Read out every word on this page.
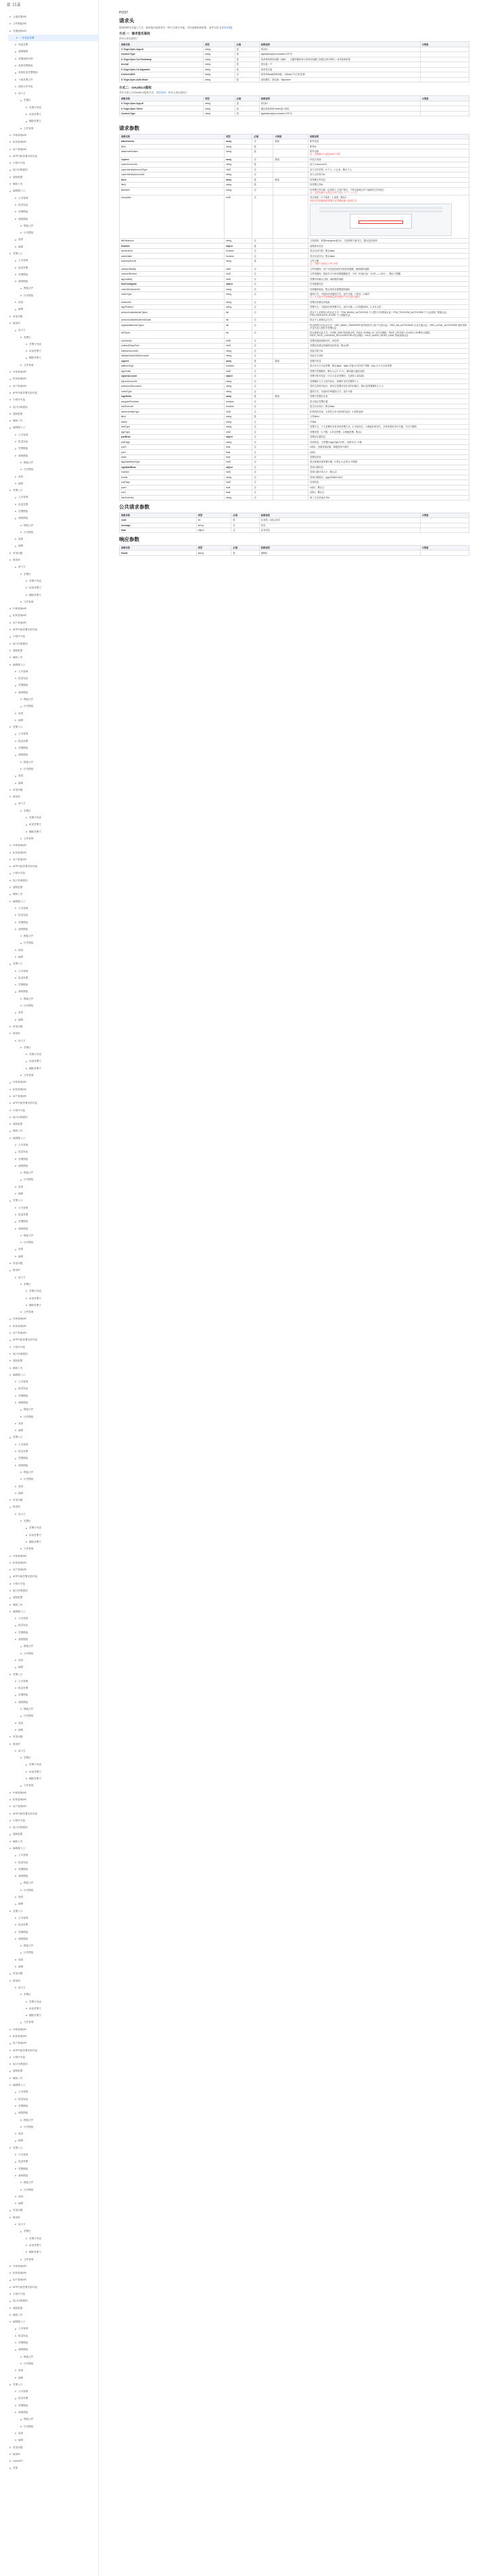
☰ 目录
云端签署API
文件模板API
签署流程API
一步发起签署
发起签署
流程撤销
签署流程详情
获取签署链接
获取批量签署链接
下载签署文件
流程文件列表
参与方
签署区
签署方列表
添加签署方
删除签署方
文件管理
印章管理API
机构管理API
用户管理API
APP内嵌签署页面对接
小程序对接
接口回调通知
通知配置
辅助工具
编辑器入口
文本管理
批量发起
签署模板
流程模板
模板文件
历史模板
查看
编辑
签署入口
文本管理
批量签署
签署模板
流程模板
模板文件
历史模板
查看
编辑
常见问题
错误码
参与方
签署区
签署方列表
添加签署方
删除签署方
文件管理
印章管理API
机构管理API
用户管理API
APP内嵌签署页面对接
小程序对接
接口回调通知
通知配置
辅助工具
编辑器入口
文本管理
批量发起
签署模板
流程模板
模板文件
历史模板
查看
编辑
签署入口
文本管理
批量签署
签署模板
流程模板
模板文件
历史模板
查看
编辑
常见问题
错误码
参与方
签署区
签署方列表
添加签署方
删除签署方
文件管理
印章管理API
机构管理API
用户管理API
APP内嵌签署页面对接
小程序对接
接口回调通知
通知配置
辅助工具
编辑器入口
文本管理
批量发起
签署模板
流程模板
模板文件
历史模板
查看
编辑
签署入口
文本管理
批量签署
签署模板
流程模板
模板文件
历史模板
查看
编辑
常见问题
错误码
参与方
签署区
签署方列表
添加签署方
删除签署方
文件管理
印章管理API
机构管理API
用户管理API
APP内嵌签署页面对接
小程序对接
接口回调通知
通知配置
辅助工具
编辑器入口
文本管理
批量发起
签署模板
流程模板
模板文件
历史模板
查看
编辑
签署入口
文本管理
批量签署
签署模板
流程模板
模板文件
历史模板
查看
编辑
常见问题
错误码
参与方
签署区
签署方列表
添加签署方
删除签署方
文件管理
印章管理API
机构管理API
用户管理API
APP内嵌签署页面对接
小程序对接
接口回调通知
通知配置
辅助工具
编辑器入口
文本管理
批量发起
签署模板
流程模板
模板文件
历史模板
查看
编辑
签署入口
文本管理
批量签署
签署模板
流程模板
模板文件
历史模板
查看
编辑
常见问题
错误码
参与方
签署区
签署方列表
添加签署方
删除签署方
文件管理
印章管理API
机构管理API
用户管理API
APP内嵌签署页面对接
小程序对接
接口回调通知
通知配置
辅助工具
编辑器入口
文本管理
批量发起
签署模板
流程模板
模板文件
历史模板
查看
编辑
签署入口
文本管理
批量签署
签署模板
流程模板
模板文件
历史模板
查看
编辑
常见问题
错误码
参与方
签署区
签署方列表
添加签署方
删除签署方
文件管理
印章管理API
机构管理API
用户管理API
APP内嵌签署页面对接
小程序对接
接口回调通知
通知配置
辅助工具
编辑器入口
文本管理
批量发起
签署模板
流程模板
模板文件
历史模板
查看
编辑
签署入口
文本管理
批量签署
签署模板
流程模板
模板文件
历史模板
查看
编辑
常见问题
错误码
参与方
签署区
签署方列表
添加签署方
删除签署方
文件管理
印章管理API
机构管理API
用户管理API
APP内嵌签署页面对接
小程序对接
接口回调通知
通知配置
辅助工具
编辑器入口
文本管理
批量发起
签署模板
流程模板
模板文件
历史模板
查看
编辑
签署入口
文本管理
批量签署
签署模板
流程模板
模板文件
历史模板
查看
编辑
常见问题
错误码
参与方
签署区
签署方列表
添加签署方
删除签署方
文件管理
印章管理API
机构管理API
用户管理API
APP内嵌签署页面对接
小程序对接
接口回调通知
通知配置
辅助工具
编辑器入口
文本管理
批量发起
签署模板
流程模板
模板文件
历史模板
查看
编辑
签署入口
文本管理
批量签署
签署模板
流程模板
模板文件
历史模板
查看
编辑
常见问题
错误码
参与方
签署区
签署方列表
添加签署方
删除签署方
文件管理
印章管理API
机构管理API
用户管理API
APP内嵌签署页面对接
小程序对接
接口回调通知
通知配置
辅助工具
编辑器入口
文本管理
批量发起
签署模板
流程模板
模板文件
历史模板
查看
编辑
签署入口
文本管理
批量签署
签署模板
流程模板
模板文件
历史模板
查看
编辑
常见问题
错误码
OpenAPI
其他
POST
请求头
提供两种安全接入方式，商家接可选择其中一种方式进行对接，对应参数如何获取，参考文档【鉴权说明】
方式一：请求签名鉴权
该本人登记授权了
参数名称	类型	必填	参数说明	示例值
X-Tsign-Open-App-Id	string	是	项目ID	
Content-Type	string	是	application/json;charset=UTF-8	
X-Tsign-Open-Ca-Timestamp	string	是	请求调用的时间戳（毫秒），当服务器时间与请求时间戳之差超过15分钟时，请求将被拒绝	
Accept	string	是	固定值：*/*	
X-Tsign-Open-Ca-Signature	string	是	请求签名值	
Content-MD5	string	否	请求体Body的MD5值，当Body不为空时必填	
X-Tsign-Open-Auth-Mode	string	是	鉴权模式，固定值：Signature	
方式二：OAuth2.0鉴权
对应文档入口OAuth2.0鉴权方式，鉴权说明，该本人登记授权了
参数名称	类型	必填	参数说明	示例值
X-Tsign-Open-App-Id	string	是	项目ID	
X-Tsign-Open-Token	string	是	通过获取获取Token接口获取	
Content-Type	string	是	application/json;charset=UTF-8	
请求参数
参数名称	类型	必填	示例值	参数说明
attachments	array	否	数组	附件信息

fileId	string	是		附件id

attachmentName	string	是		附件名称
注：名称最长不超过100个字符

copiers	array	否	数组	抄送人列表

copierAccountId	string	是		参与人account id

copierIdentityAccountType	int32	否		参与主体类型，0-个人，1-企业，默认个人

copierIdentityAccountId	string	否		参与主体账号id

docs	array	是	数组	待签署文件信息

fileId	string	是		待签署文件id

fileName	string	否		待签署文件名称（必须带上文件扩展名，不然会影响文件下载时的文件格式）
注：文件名称不支持以下9个字符：/ \ : * " < > | ？

encryption	int32	否		是否加密，0-不加密，1-加密，默认0
加密文件需要联系签署方在签署时输入密码打开

filePassword	string	否		文档密码，如果encryption值为1，文档密码不能为空，默认没有密码

flowInfo	object	是		流程基本信息

autoArchive	boolean	否		是否自动归档，默认false

autoInitiate	boolean	否		是否自动开启，默认false

businessScene	string	是		文件主题
注：名称不支持以下9个字符

contractValidity	int64	否		文件到期前，用户可以收到e签宝的续签提醒，毫秒级时间戳

contractRemind	int32	否		文件到期前，提前多少小时回调提醒续签，小时（时间区间：1小时——15天），默认不提醒

signValidity	int64	否		签署有效截止日期，毫秒级时间戳

flowConfigInfo	object	否		任务配置信息

noticeDeveloperUrl	string	否		回调通知地址，默认取项目配置通知地址

noticeType	string	否		通知方式，可选择多种通知方式，逗号分割，1-短信，2-邮件
注：个人账号中需要绑定短信/邮件才可以进行通知

redirectUrl	string	否		签署完成重定向地址

signPlatform	string	否		签署平台，可选择多种签署平台，逗号分割，1-开放服务h5，2-支付宝签

personAvailableAuthTypes	list	否		指定个人页面显示的认证方式：PSN_BANK4_AUTHCODE 个人银行卡四要素认证；PSN_TELECOM_AUTHCODE 个人运营商三要素认证；PSN_FACEAUTH_BYURL 个人刷脸认证

personAvailableAuthIndividual	list	否		指定个人意愿认证方式

orgAvailableAuthTypes	list	否		指定机构实名认证方式：ORG_BANK_TRANSFER 组织机构对公账户打款认证；ORG_ZM_AUTHORIZE 企业芝麻认证；ORG_LEGAL_AUTHORIZE 组织机构法定代表人授权书签署认证

willTypes	list	否		指定意愿认证方式：CODE_SMS 短信验证码；FACE_ZHIMA_XY 支付宝刷脸；FACE_TECENT_CLOUD_H5 腾讯云刷脸；FACE_FACE_LIVENESS_RECOGNITION e签宝刷脸；FACE_AUDIO_VIDEO_DUAL 智能视频认证

countdown	int32	否		签署页面阅读倒计时，单位秒

redirectDelayTime	int32	否		签署完成重定向跳转延迟时间，默认3秒

initiatorAccountId	string	否		发起方账户id

initiatorAuthorizedAccountId	string	否		发起方主体id

signers	array	是	数组	签署方信息

platformSign	boolean	否		是否平台方自动签署，默认false：false-对接平台的用户签署；true-平台方自动签署

signOrder	int32	否		签署方签署顺序，默认1,且不小于1，顺序越小越先处理

signerAccount	object	否		签署方账号信息（平台方自动签署时，无需传入该参数）

signerAccountId	string	否		签署操作人个人账号标识，即操作本次签署的个人

authorizedAccountId	string	否		签约主体账号标识，即本次签署对应任务的归属方，默认是签署操作人个人

noticeType	string	否		通知方式，可选择多种通知方式，逗号分割

signfields	array	是	数组	签署方签署区信息

assignedPosbean	boolean	否		是否指定签署位置

autoExecute	boolean	否		是否自动执行，默认false

actorIndentityType	int32	否		机构签约类别，当签约主体为机构时必传：2-机构盖章

fileId	string	是		文件fileId

sealId	string	否		印章id

sealType	string	否		签署方式，个人签署时支持多种签署方式，0-手绘签名，1-模板印章签名，多种类型时逗号分割，为空不限制

signType	int32	否		签署类型，0-不限，1-单页签署，2-骑缝签署，默认1

posBean	object	否		签署区位置信息

posPage	string	否		页码信息，当签署区signType为2时，页码可以'-'分割

posX	float	否		x坐标，页面签章必填，骑缝签章不填写

posY	float	否		y坐标

width	float	否		签署区的宽

signDateBeanType	int32	否		是否需要添加签署日期，0-禁止 1-必须 2-不限制

signDateBean	object	否		签章日期信息

fontSize	int32	否		签章日期字体大小，默认12

format	string	否		签章日期格式，yyyy年MM月dd日

posPage	int32	否		页码信息

posX	float	否		x坐标，默认空

posY	float	否		y坐标，默认空

thirdOrderNo	string	否		第三方业务流水号id
公共请求参数
参数名称	类型	必填	参数说明	示例值
code	int	是	业务码，0表示成功	
message	string	否	信息	
data	object	否	业务信息	
响应参数
参数名称	类型	必填	参数说明	示例值
flowId	string	是	流程id	
